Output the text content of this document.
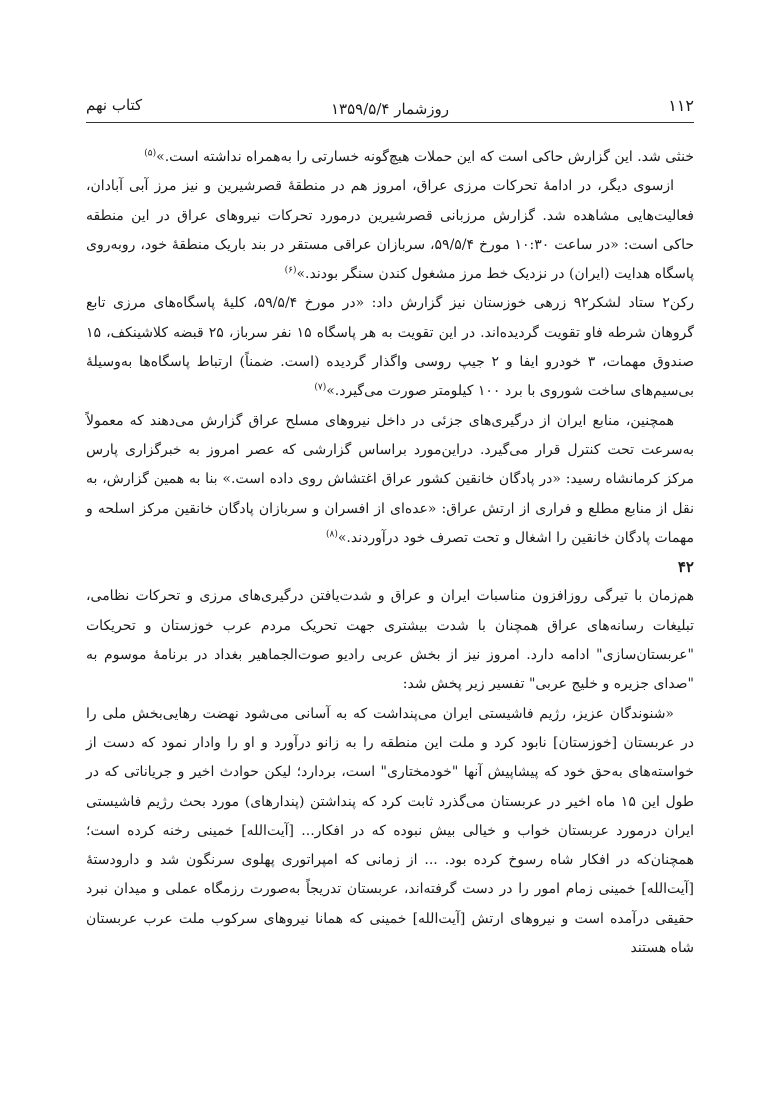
۱۱۲
روزشمار ۱۳۵۹/۵/۴
کتاب نهم

خنثی شد. این گزارش حاکی است که این حملات هیچ‌گونه خسارتی را به‌همراه نداشته است.»$^{(۵)}$

ازسوی دیگر، در ادامهٔ تحرکات مرزی عراق، امروز هم در منطقهٔ قصرشیرین و نیز مرز آبی آبادان، فعالیت‌هایی مشاهده شد. گزارش مرزبانی قصرشیرین درمورد تحرکات نیروهای عراق در این منطقه حاکی است: «در ساعت ۱۰:۳۰ مورخ ۵۹/۵/۴، سربازان عراقی مستقر در بند باریک منطقهٔ خود، روبه‌روی پاسگاه هدایت (ایران) در نزدیک خط مرز مشغول کندن سنگر بودند.»$^{(۶)}$

رکن۲ ستاد لشکر۹۲ زرهی خوزستان نیز گزارش داد: «در مورخ ۵۹/۵/۴، کلیهٔ پاسگاه‌های مرزی تابع گروهان شرطه فاو تقویت گردیده‌اند. در این تقویت به هر پاسگاه ۱۵ نفر سرباز، ۲۵ قبضه کلاشینکف، ۱۵ صندوق مهمات، ۳ خودرو ایفا و ۲ جیپ روسی واگذار گردیده (است. ضمناً) ارتباط پاسگاه‌ها به‌وسیلهٔ بی‌سیم‌های ساخت شوروی با برد ۱۰۰ کیلومتر صورت می‌گیرد.»$^{(۷)}$

همچنین، منابع ایران از درگیری‌های جزئی در داخل نیروهای مسلح عراق گزارش می‌دهند که معمولاً به‌سرعت تحت کنترل قرار می‌گیرد. دراین‌مورد براساس گزارشی که عصر امروز به خبرگزاری پارس مرکز کرمانشاه رسید: «در پادگان خانقین کشور عراق اغتشاش روی داده است.» بنا به همین گزارش، به نقل از منابع مطلع و فراری از ارتش عراق: «عده‌ای از افسران و سربازان پادگان خانقین مرکز اسلحه و مهمات پادگان خانقین را اشغال و تحت تصرف خود درآوردند.»$^{(۸)}$

۴۲

هم‌زمان با تیرگی روزافزون مناسبات ایران و عراق و شدت‌یافتن درگیری‌های مرزی و تحرکات نظامی، تبلیغات رسانه‌های عراق همچنان با شدت بیشتری جهت تحریک مردم عرب خوزستان و تحریکات "عربستان‌سازی" ادامه دارد. امروز نیز از بخش عربی رادیو صوت‌الجماهیر بغداد در برنامهٔ موسوم به "صدای جزیره و خلیج عربی" تفسیر زیر پخش شد:

«شنوندگان عزیز، رژیم فاشیستی ایران می‌پنداشت که به آسانی می‌شود نهضت رهایی‌بخش ملی را در عربستان [خوزستان] نابود کرد و ملت این منطقه را به زانو درآورد و او را وادار نمود که دست از خواسته‌های به‌حق خود که پیشاپیش آنها "خودمختاری" است، بردارد؛ لیکن حوادث اخیر و جریاناتی که در طول این ۱۵ ماه اخیر در عربستان می‌گذرد ثابت کرد که پنداشتن (پندارهای) مورد بحث رژیم فاشیستی ایران درمورد عربستان خواب و خیالی بیش نبوده که در افکار... [آیت‌الله] خمینی رخنه کرده است؛ همچنان‌که در افکار شاه رسوخ کرده بود. ... از زمانی که امپراتوری پهلوی سرنگون شد و دارودستهٔ [آیت‌الله] خمینی زمام امور را در دست گرفته‌اند، عربستان تدریجاً به‌صورت رزمگاه عملی و میدان نبرد حقیقی درآمده است و نیروهای ارتش [آیت‌الله] خمینی که همانا نیروهای سرکوب ملت عرب عربستان شاه هستند
